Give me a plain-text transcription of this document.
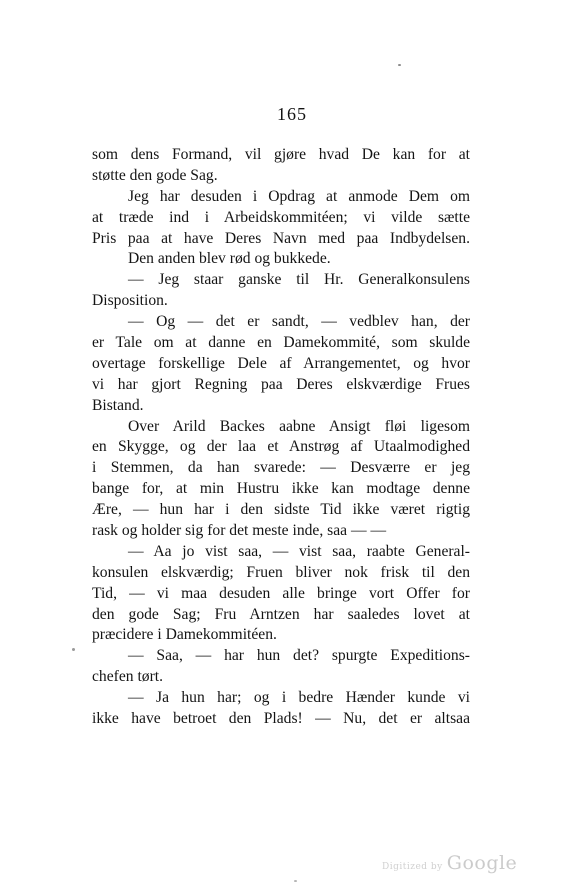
165
som dens Formand, vil gjøre hvad De kan for at
støtte den gode Sag.
Jeg har desuden i Opdrag at anmode Dem om
at træde ind i Arbeidskommitéen; vi vilde sætte
Pris paa at have Deres Navn med paa Indbydelsen.
Den anden blev rød og bukkede.
— Jeg staar ganske til Hr. Generalkonsulens
Disposition.
— Og — det er sandt, — vedblev han, der
er Tale om at danne en Damekommité, som skulde
overtage forskellige Dele af Arrangementet, og hvor
vi har gjort Regning paa Deres elskværdige Frues
Bistand.
Over Arild Backes aabne Ansigt fløi ligesom
en Skygge, og der laa et Anstrøg af Utaalmodighed
i Stemmen, da han svarede: — Desværre er jeg
bange for, at min Hustru ikke kan modtage denne
Ære, — hun har i den sidste Tid ikke været rigtig
rask og holder sig for det meste inde, saa — —
— Aa jo vist saa, — vist saa, raabte General-
konsulen elskværdig; Fruen bliver nok frisk til den
Tid, — vi maa desuden alle bringe vort Offer for
den gode Sag; Fru Arntzen har saaledes lovet at
præcidere i Damekommitéen.
— Saa, — har hun det? spurgte Expeditions-
chefen tørt.
— Ja hun har; og i bedre Hænder kunde vi
ikke have betroet den Plads! — Nu, det er altsaa
Digitized by Google
